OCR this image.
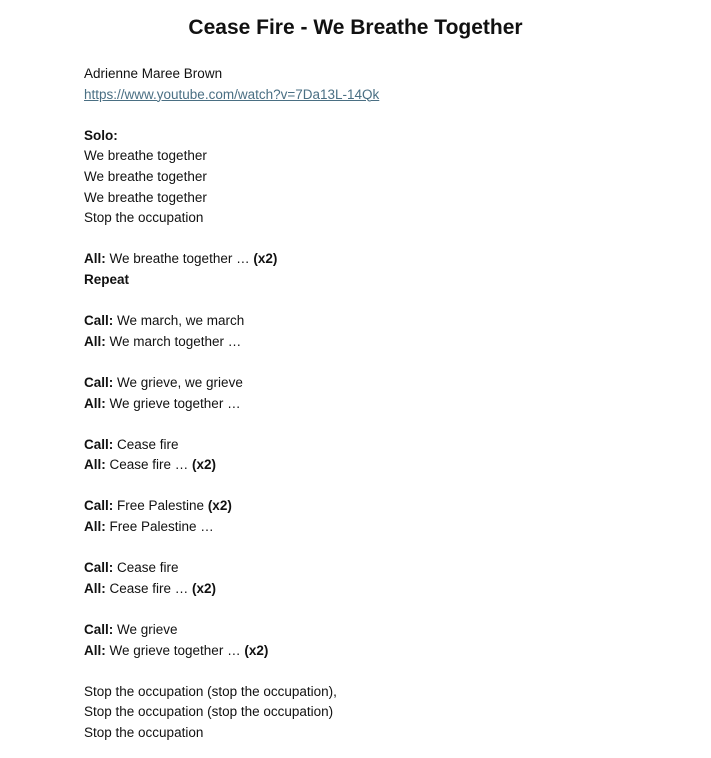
Cease Fire - We Breathe Together
Adrienne Maree Brown
https://www.youtube.com/watch?v=7Da13L-14Qk
Solo:
We breathe together
We breathe together
We breathe together
Stop the occupation
All: We breathe together … (x2)
Repeat
Call: We march, we march
All: We march together …
Call: We grieve, we grieve
All: We grieve together …
Call: Cease fire
All: Cease fire … (x2)
Call: Free Palestine (x2)
All: Free Palestine …
Call: Cease fire
All: Cease fire … (x2)
Call: We grieve
All: We grieve together … (x2)
Stop the occupation (stop the occupation),
Stop the occupation (stop the occupation)
Stop the occupation
